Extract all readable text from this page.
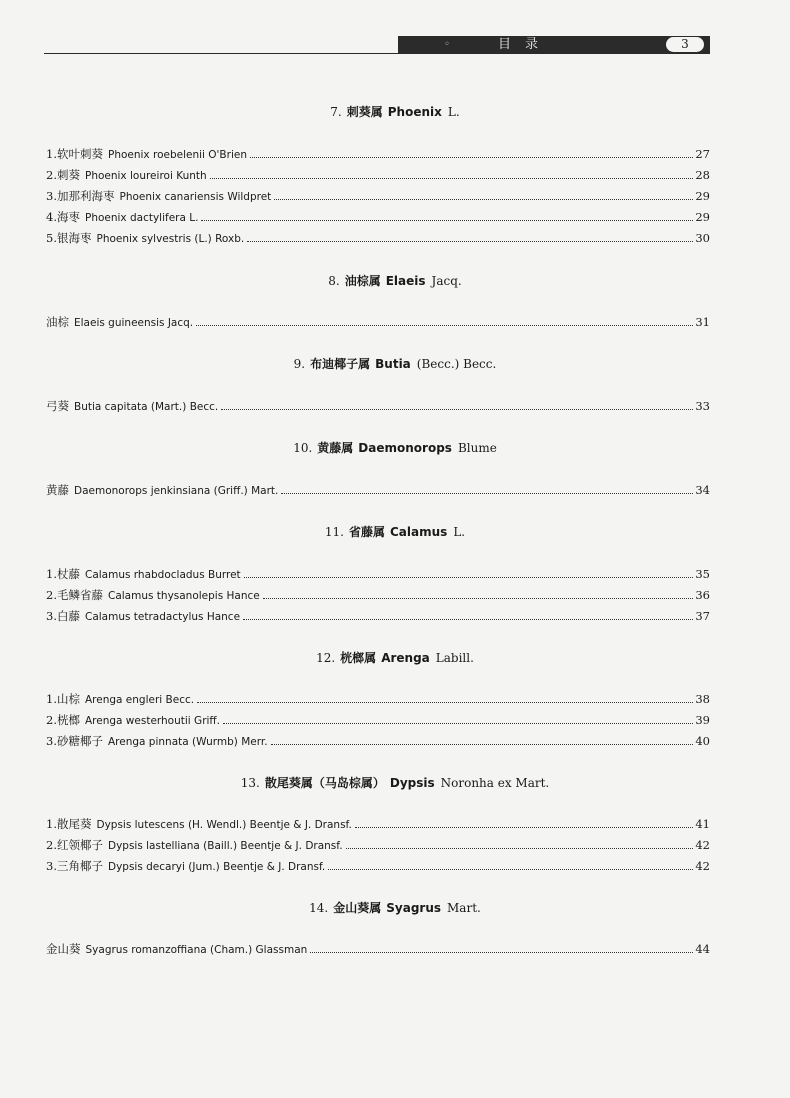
◦	目录	3
7. 刺葵属 Phoenix L.
1.软叶刺葵 Phoenix roebelenii O'Brien	27
2.刺葵 Phoenix loureiroi Kunth	28
3.加那利海枣 Phoenix canariensis Wildpret	29
4.海枣 Phoenix dactylifera L.	29
5.银海枣 Phoenix sylvestris (L.) Roxb.	30
8. 油棕属 Elaeis Jacq.
油棕 Elaeis guineensis Jacq.	31
9. 布迪椰子属 Butia (Becc.) Becc.
弓葵 Butia capitata (Mart.) Becc.	33
10. 黄藤属 Daemonorops Blume
黄藤 Daemonorops jenkinsiana (Griff.) Mart.	34
11. 省藤属 Calamus L.
1.杖藤 Calamus rhabdocladus Burret	35
2.毛鳞省藤 Calamus thysanolepis Hance	36
3.白藤 Calamus tetradactylus Hance	37
12. 桄榔属 Arenga Labill.
1.山棕 Arenga engleri Becc.	38
2.桄榔 Arenga westerhoutii Griff.	39
3.砂糖椰子 Arenga pinnata (Wurmb) Merr.	40
13. 散尾葵属（马岛棕属） Dypsis Noronha ex Mart.
1.散尾葵 Dypsis lutescens (H. Wendl.) Beentje & J. Dransf.	41
2.红领椰子 Dypsis lastelliana (Baill.) Beentje & J. Dransf.	42
3.三角椰子 Dypsis decaryi (Jum.) Beentje & J. Dransf.	42
14. 金山葵属 Syagrus Mart.
金山葵 Syagrus romanzoffiana (Cham.) Glassman	44
